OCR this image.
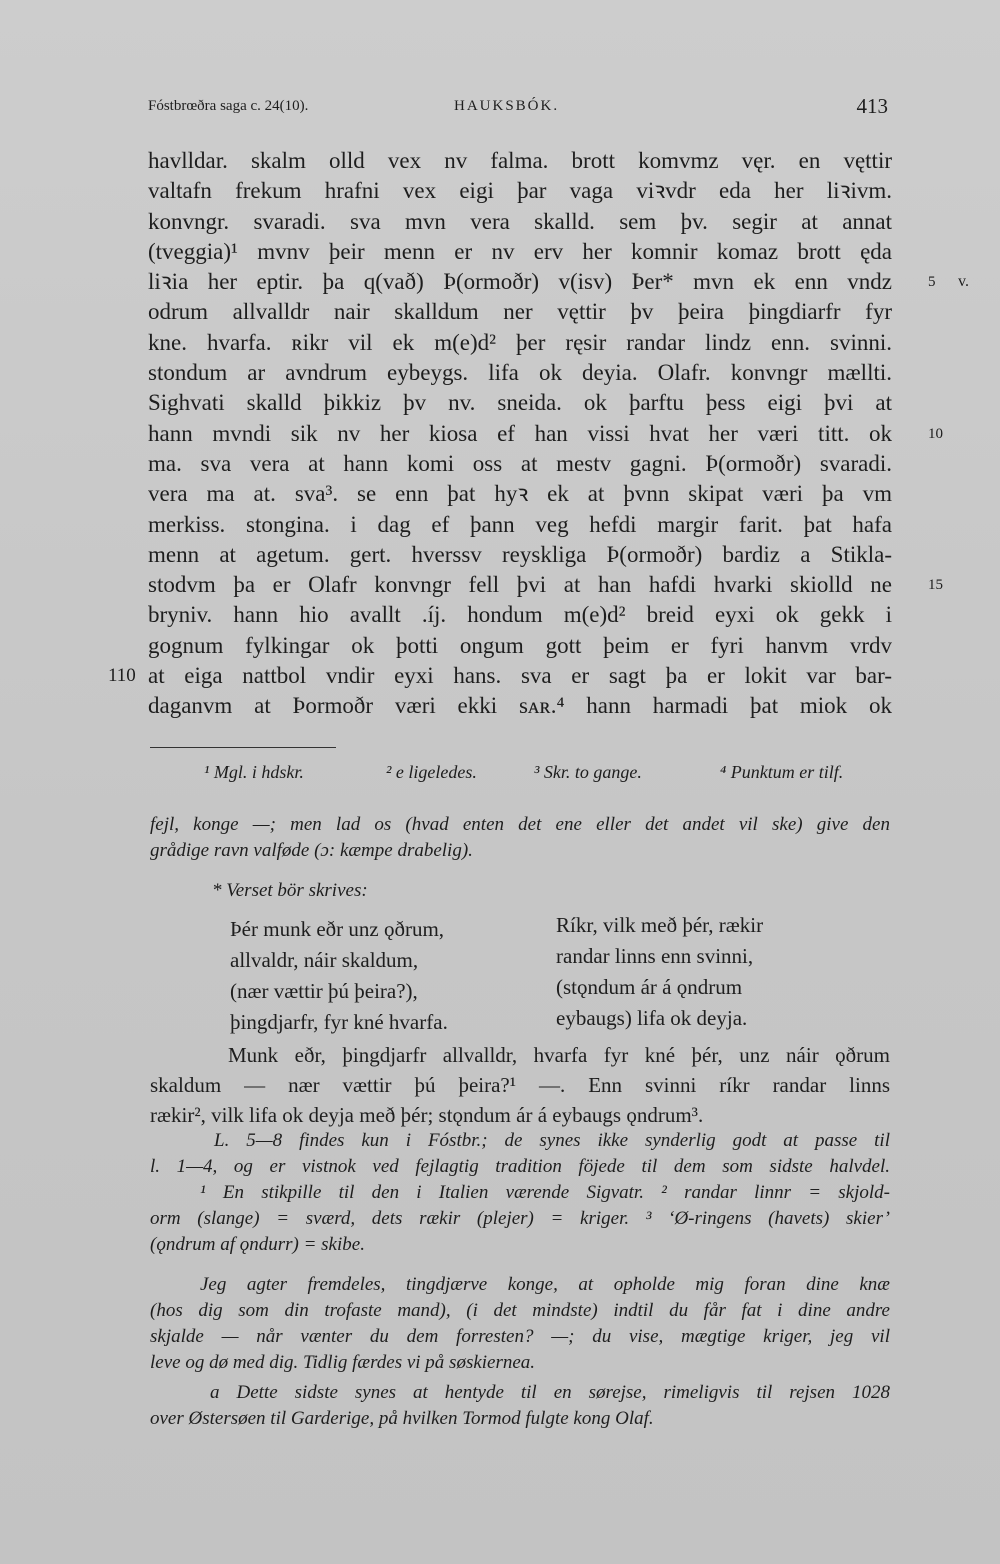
Fóstbrœðra saga c. 24(10).	HAUKSBÓK.	413
havlldar. skalm olld vex nv falma. brott komvmz vęr. en vęttir
valtafn frekum hrafni vex eigi þar vaga viꝛvdr eda her liꝛivm.
konvngr. svaradi. sva mvn vera skalld. sem þv. segir at annat
(tveggia)¹ mvnv þeir menn er nv erv her komnir komaz brott ęda
liꝛia her eptir. þa q(vað) Þ(ormoðr) v(isv) Þer* mvn ek enn vndz 5 v.
odrum allvalldr nair skalldum ner vęttir þv þeira þingdiarfr fyr
kne. hvarfa. ʀikr vil ek m(e)d² þer ręsir randar lindz enn. svinni.
stondum ar avndrum eybeygs. lifa ok deyia. Olafr. konvngr mællti.
Sighvati skalld þikkiz þv nv. sneida. ok þarftu þess eigi þvi at
hann mvndi sik nv her kiosa ef han vissi hvat her væri titt. ok 10
ma. sva vera at hann komi oss at mestv gagni. Þ(ormoðr) svaradi.
vera ma at. sva³. se enn þat hyꝛ ek at þvnn skipat væri þa vm
merkiss. stongina. i dag ef þann veg hefdi margir farit. þat hafa
menn at agetum. gert. hverssv reyskliga Þ(ormoðr) bardiz a Stikla-
stodvm þa er Olafr konvngr fell þvi at han hafdi hvarki skiolld ne 15
bryniv. hann hio avallt .íj. hondum m(e)d² breid eyxi ok gekk i
gognum fylkingar ok þotti ongum gott þeim er fyri hanvm vrdv
at eiga nattbol vndir eyxi hans. sva er sagt þa er lokit var bar-
110
daganvm at Þormoðr væri ekki sᴀʀ.⁴ hann harmadi þat miok ok
¹ Mgl. i hdskr.	² e ligeledes.	³ Skr. to gange.	⁴ Punktum er tilf.
fejl, konge —; men lad os (hvad enten det ene eller det andet vil ske) give den
grådige ravn valføde (ɔ: kæmpe drabelig).
* Verset bör skrives:
Þér munk eðr unz ǫðrum,
allvaldr, náir skaldum,
(nær vættir þú þeira?),
þingdjarfr, fyr kné hvarfa.
Ríkr, vilk með þér, rækir
randar linns enn svinni,
(stǫndum ár á ǫndrum
eybaugs) lifa ok deyja.
Munk eðr, þingdjarfr allvalldr, hvarfa fyr kné þér, unz náir ǫðrum
skaldum — nær vættir þú þeira?¹ —. Enn svinni ríkr randar linns
rækir², vilk lifa ok deyja með þér; stǫndum ár á eybaugs ǫndrum³.
L. 5—8 findes kun i Fóstbr.; de synes ikke synderlig godt at passe til
l. 1—4, og er vistnok ved fejlagtig tradition föjede til dem som sidste halvdel.
¹ En stikpille til den i Italien værende Sigvatr. ² randar linnr = skjold-
orm (slange) = sværd, dets rækir (plejer) = kriger. ³ ‘Ø-ringens (havets) skier’
(ǫndrum af ǫndurr) = skibe.
Jeg agter fremdeles, tingdjærve konge, at opholde mig foran dine knæ
(hos dig som din trofaste mand), (i det mindste) indtil du får fat i dine andre
skjalde — når vænter du dem forresten? —; du vise, mægtige kriger, jeg vil
leve og dø med dig. Tidlig færdes vi på søskiernea.
a Dette sidste synes at hentyde til en sørejse, rimeligvis til rejsen 1028
over Østersøen til Garderige, på hvilken Tormod fulgte kong Olaf.
